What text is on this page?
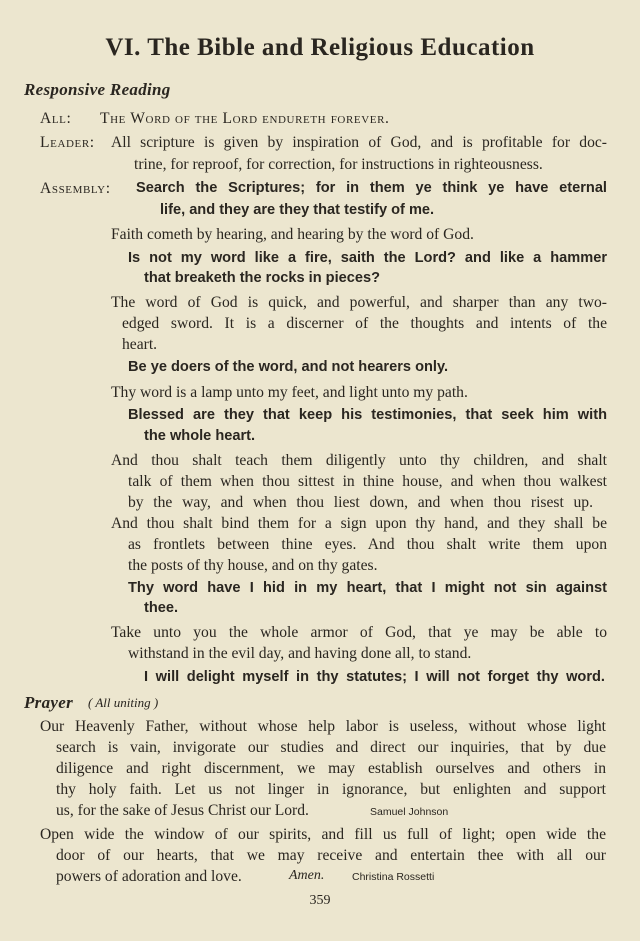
VI. The Bible and Religious Education
Responsive Reading
All: The Word of the Lord endureth forever.
Leader: All scripture is given by inspiration of God, and is profitable for doc-
trine, for reproof, for correction, for instructions in righteousness.
Assembly: Search the Scriptures; for in them ye think ye have eternal
life, and they are they that testify of me.
Faith cometh by hearing, and hearing by the word of God.
Is not my word like a fire, saith the Lord? and like a hammer
that breaketh the rocks in pieces?
The word of God is quick, and powerful, and sharper than any two-
edged sword. It is a discerner of the thoughts and intents of the
heart.
Be ye doers of the word, and not hearers only.
Thy word is a lamp unto my feet, and light unto my path.
Blessed are they that keep his testimonies, that seek him with
the whole heart.
And thou shalt teach them diligently unto thy children, and shalt
talk of them when thou sittest in thine house, and when thou walkest
by the way, and when thou liest down, and when thou risest up.
And thou shalt bind them for a sign upon thy hand, and they shall be
as frontlets between thine eyes. And thou shalt write them upon
the posts of thy house, and on thy gates.
Thy word have I hid in my heart, that I might not sin against
thee.
Take unto you the whole armor of God, that ye may be able to
withstand in the evil day, and having done all, to stand.
I will delight myself in thy statutes; I will not forget thy word.
Prayer ( All uniting )
Our Heavenly Father, without whose help labor is useless, without whose light
search is vain, invigorate our studies and direct our inquiries, that by due
diligence and right discernment, we may establish ourselves and others in
thy holy faith. Let us not linger in ignorance, but enlighten and support
us, for the sake of Jesus Christ our Lord.	Samuel Johnson
Open wide the window of our spirits, and fill us full of light; open wide the
door of our hearts, that we may receive and entertain thee with all our
powers of adoration and love.	Amen.	Christina Rossetti
359
